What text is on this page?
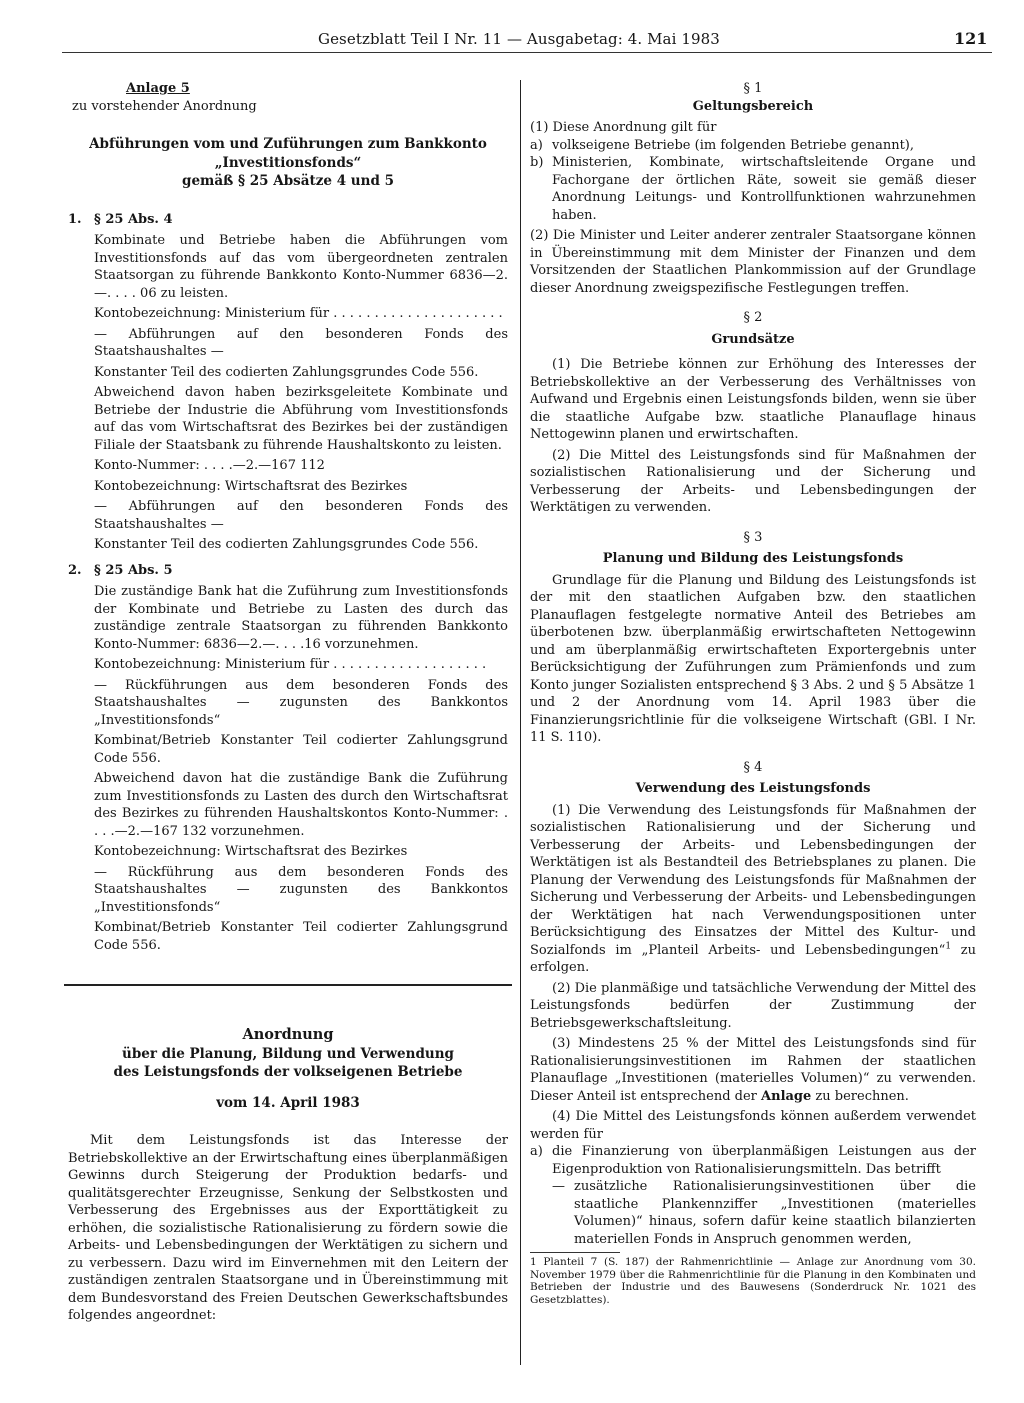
Gesetzblatt Teil I Nr. 11 — Ausgabetag: 4. Mai 1983	121

Anlage 5

zu vorstehender Anordnung

Abführungen vom und Zuführungen zum Bankkonto

„Investitionsfonds“

gemäß § 25 Absätze 4 und 5

1. § 25 Abs. 4

Kombinate und Betriebe haben die Abführungen vom Investitionsfonds auf das vom übergeordneten zentralen Staatsorgan zu führende Bankkonto Konto-Nummer 6836—2.—. . . . 06 zu leisten.

Kontobezeichnung: Ministerium für . . . . . . . . . . . . . . . . . . . . .

— Abführungen auf den besonderen Fonds des Staatshaushaltes —

Konstanter Teil des codierten Zahlungsgrundes Code 556.

Abweichend davon haben bezirksgeleitete Kombinate und Betriebe der Industrie die Abführung vom Investitionsfonds auf das vom Wirtschaftsrat des Bezirkes bei der zuständigen Filiale der Staatsbank zu führende Haushaltskonto zu leisten.

Konto-Nummer: . . . .—2.—167 112

Kontobezeichnung: Wirtschaftsrat des Bezirkes

— Abführungen auf den besonderen Fonds des Staatshaushaltes —

Konstanter Teil des codierten Zahlungsgrundes Code 556.

2. § 25 Abs. 5

Die zuständige Bank hat die Zuführung zum Investitionsfonds der Kombinate und Betriebe zu Lasten des durch das zuständige zentrale Staatsorgan zu führenden Bankkonto Konto-Nummer: 6836—2.—. . . .16 vorzunehmen.

Kontobezeichnung: Ministerium für . . . . . . . . . . . . . . . . . . .

— Rückführungen aus dem besonderen Fonds des Staatshaushaltes — zugunsten des Bankkontos „Investitionsfonds“

Kombinat/Betrieb Konstanter Teil codierter Zahlungsgrund Code 556.

Abweichend davon hat die zuständige Bank die Zuführung zum Investitionsfonds zu Lasten des durch den Wirtschaftsrat des Bezirkes zu führenden Haushaltskontos Konto-Nummer: . . . .—2.—167 132 vorzunehmen.

Kontobezeichnung: Wirtschaftsrat des Bezirkes

— Rückführung aus dem besonderen Fonds des Staatshaushaltes — zugunsten des Bankkontos „Investitionsfonds“

Kombinat/Betrieb Konstanter Teil codierter Zahlungsgrund Code 556.

Anordnung

über die Planung, Bildung und Verwendung

des Leistungsfonds der volkseigenen Betriebe

vom 14. April 1983

Mit dem Leistungsfonds ist das Interesse der Betriebskollektive an der Erwirtschaftung eines überplanmäßigen Gewinns durch Steigerung der Produktion bedarfs- und qualitätsgerechter Erzeugnisse, Senkung der Selbstkosten und Verbesserung des Ergebnisses aus der Exporttätigkeit zu erhöhen, die sozialistische Rationalisierung zu fördern sowie die Arbeits- und Lebensbedingungen der Werktätigen zu sichern und zu verbessern. Dazu wird im Einvernehmen mit den Leitern der zuständigen zentralen Staatsorgane und in Übereinstimmung mit dem Bundesvorstand des Freien Deutschen Gewerkschaftsbundes folgendes angeordnet:

§ 1

Geltungsbereich

(1) Diese Anordnung gilt für

a) volkseigene Betriebe (im folgenden Betriebe genannt),
b) Ministerien, Kombinate, wirtschaftsleitende Organe und Fachorgane der örtlichen Räte, soweit sie gemäß dieser Anordnung Leitungs- und Kontrollfunktionen wahrzunehmen haben.

(2) Die Minister und Leiter anderer zentraler Staatsorgane können in Übereinstimmung mit dem Minister der Finanzen und dem Vorsitzenden der Staatlichen Plankommission auf der Grundlage dieser Anordnung zweigspezifische Festlegungen treffen.

§ 2

Grundsätze

(1) Die Betriebe können zur Erhöhung des Interesses der Betriebskollektive an der Verbesserung des Verhältnisses von Aufwand und Ergebnis einen Leistungsfonds bilden, wenn sie über die staatliche Aufgabe bzw. staatliche Planauflage hinaus Nettogewinn planen und erwirtschaften.

(2) Die Mittel des Leistungsfonds sind für Maßnahmen der sozialistischen Rationalisierung und der Sicherung und Verbesserung der Arbeits- und Lebensbedingungen der Werktätigen zu verwenden.

§ 3

Planung und Bildung des Leistungsfonds

Grundlage für die Planung und Bildung des Leistungsfonds ist der mit den staatlichen Aufgaben bzw. den staatlichen Planauflagen festgelegte normative Anteil des Betriebes am überbotenen bzw. überplanmäßig erwirtschafteten Nettogewinn und am überplanmäßig erwirtschafteten Exportergebnis unter Berücksichtigung der Zuführungen zum Prämienfonds und zum Konto junger Sozialisten entsprechend § 3 Abs. 2 und § 5 Absätze 1 und 2 der Anordnung vom 14. April 1983 über die Finanzierungsrichtlinie für die volkseigene Wirtschaft (GBl. I Nr. 11 S. 110).

§ 4

Verwendung des Leistungsfonds

(1) Die Verwendung des Leistungsfonds für Maßnahmen der sozialistischen Rationalisierung und der Sicherung und Verbesserung der Arbeits- und Lebensbedingungen der Werktätigen ist als Bestandteil des Betriebsplanes zu planen. Die Planung der Verwendung des Leistungsfonds für Maßnahmen der Sicherung und Verbesserung der Arbeits- und Lebensbedingungen der Werktätigen hat nach Verwendungspositionen unter Berücksichtigung des Einsatzes der Mittel des Kultur- und Sozialfonds im „Planteil Arbeits- und Lebensbedingungen“$^1$ zu erfolgen.

(2) Die planmäßige und tatsächliche Verwendung der Mittel des Leistungsfonds bedürfen der Zustimmung der Betriebsgewerkschaftsleitung.

(3) Mindestens 25 % der Mittel des Leistungsfonds sind für Rationalisierungsinvestitionen im Rahmen der staatlichen Planauflage „Investitionen (materielles Volumen)“ zu verwenden. Dieser Anteil ist entsprechend der Anlage zu berechnen.

(4) Die Mittel des Leistungsfonds können außerdem verwendet werden für

a) die Finanzierung von überplanmäßigen Leistungen aus der Eigenproduktion von Rationalisierungsmitteln. Das betrifft
— zusätzliche Rationalisierungsinvestitionen über die staatliche Plankennziffer „Investitionen (materielles Volumen)“ hinaus, sofern dafür keine staatlich bilanzierten materiellen Fonds in Anspruch genommen werden,

1 Planteil 7 (S. 187) der Rahmenrichtlinie — Anlage zur Anordnung vom 30. November 1979 über die Rahmenrichtlinie für die Planung in den Kombinaten und Betrieben der Industrie und des Bauwesens (Sonderdruck Nr. 1021 des Gesetzblattes).
